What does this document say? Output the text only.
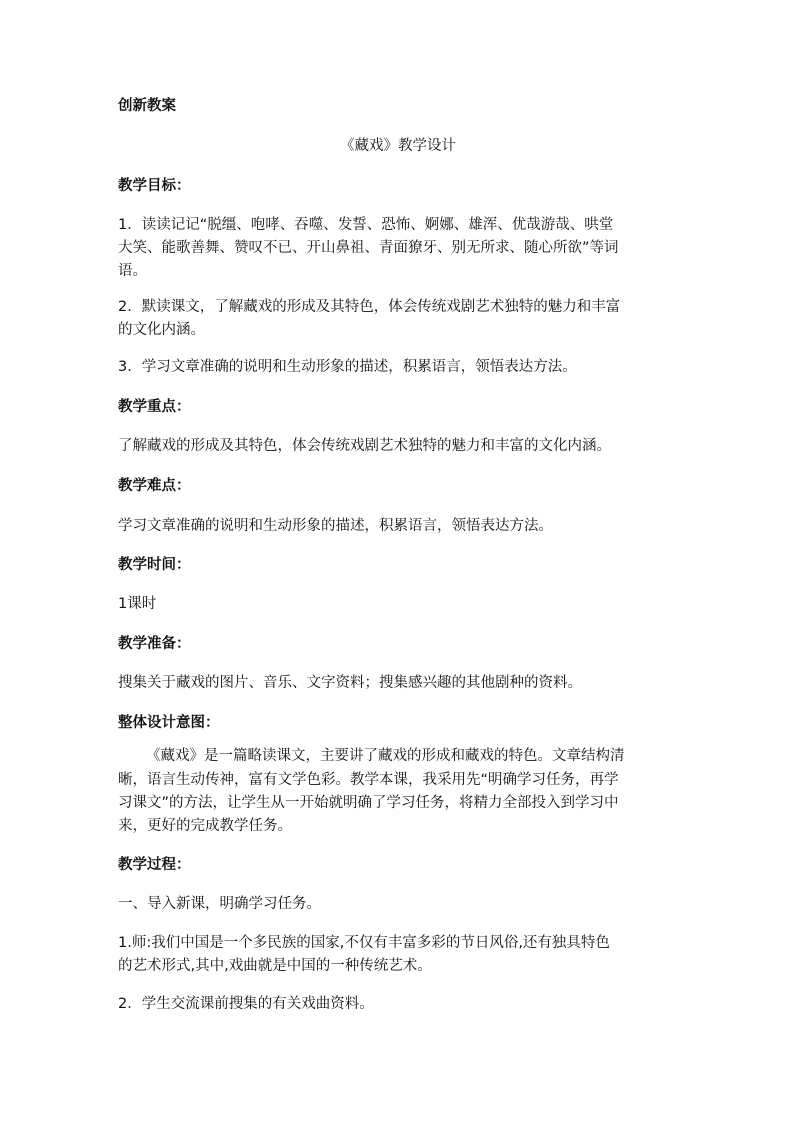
创新教案
《藏戏》教学设计
教学目标：
1．读读记记“脱缰、咆哮、吞噬、发誓、恐怖、婀娜、雄浑、优哉游哉、哄堂
大笑、能歌善舞、赞叹不已、开山鼻祖、青面獠牙、别无所求、随心所欲”等词
语。
2．默读课文，了解藏戏的形成及其特色，体会传统戏剧艺术独特的魅力和丰富
的文化内涵。
3．学习文章准确的说明和生动形象的描述，积累语言，领悟表达方法。
教学重点：
了解藏戏的形成及其特色，体会传统戏剧艺术独特的魅力和丰富的文化内涵。
教学难点：
学习文章准确的说明和生动形象的描述，积累语言，领悟表达方法。
教学时间：
1课时
教学准备：
搜集关于藏戏的图片、音乐、文字资料；搜集感兴趣的其他剧种的资料。
整体设计意图：
《藏戏》是一篇略读课文，主要讲了藏戏的形成和藏戏的特色。文章结构清
晰，语言生动传神，富有文学色彩。教学本课，我采用先“明确学习任务，再学
习课文”的方法，让学生从一开始就明确了学习任务，将精力全部投入到学习中
来，更好的完成教学任务。
教学过程：
一、导入新课，明确学习任务。
1.师:我们中国是一个多民族的国家,不仅有丰富多彩的节日风俗,还有独具特色
的艺术形式,其中,戏曲就是中国的一种传统艺术。
2．学生交流课前搜集的有关戏曲资料。
